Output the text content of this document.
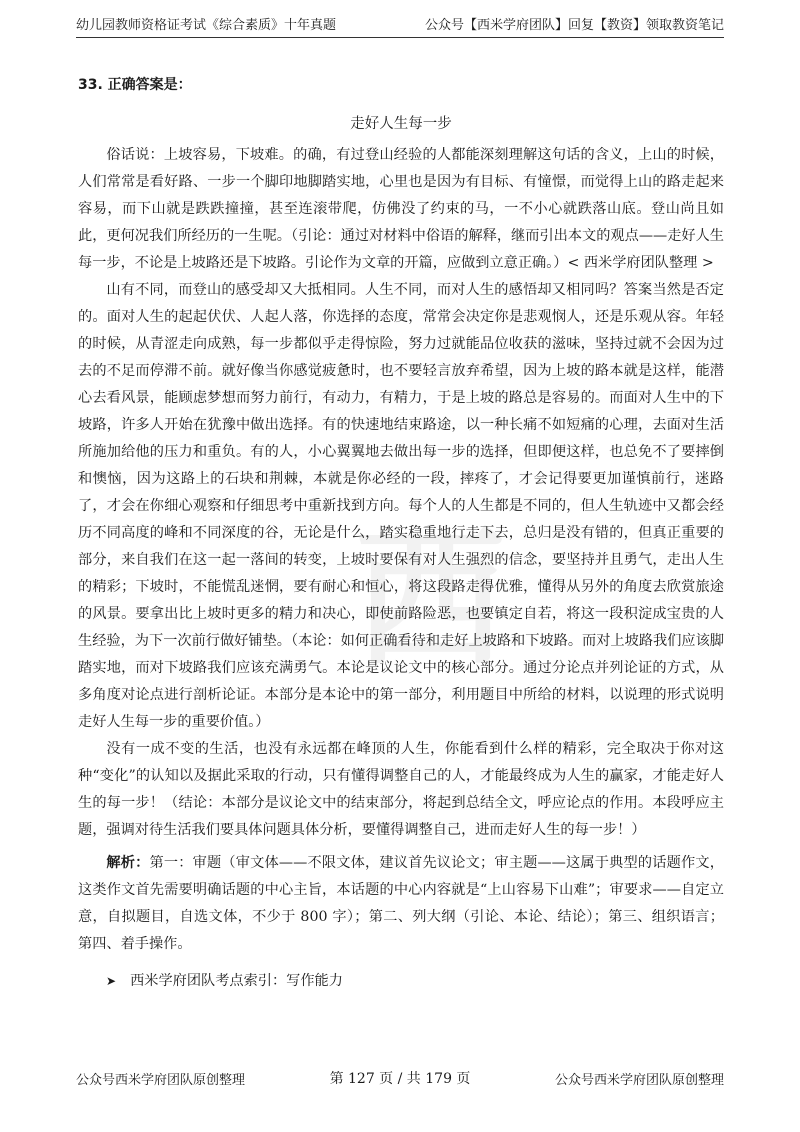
幼儿园教师资格证考试《综合素质》十年真题	公众号【西米学府团队】回复【教资】领取教资笔记
西
33. 正确答案是：
走好人生每一步

俗话说：上坡容易，下坡难。的确，有过登山经验的人都能深刻理解这句话的含义，上山的时候，人们常常是看好路、一步一个脚印地脚踏实地，心里也是因为有目标、有憧憬，而觉得上山的路走起来容易，而下山就是跌跌撞撞，甚至连滚带爬，仿佛没了约束的马，一不小心就跌落山底。登山尚且如此，更何况我们所经历的一生呢。（引论：通过对材料中俗语的解释，继而引出本文的观点——走好人生每一步，不论是上坡路还是下坡路。引论作为文章的开篇，应做到立意正确。）< 西米学府团队整理 >

山有不同，而登山的感受却又大抵相同。人生不同，而对人生的感悟却又相同吗？答案当然是否定的。面对人生的起起伏伏、人起人落，你选择的态度，常常会决定你是悲观悯人，还是乐观从容。年轻的时候，从青涩走向成熟，每一步都似乎走得惊险，努力过就能品位收获的滋味，坚持过就不会因为过去的不足而停滞不前。就好像当你感觉疲惫时，也不要轻言放弃希望，因为上坡的路本就是这样，能潜心去看风景，能顾虑梦想而努力前行，有动力，有精力，于是上坡的路总是容易的。而面对人生中的下坡路，许多人开始在犹豫中做出选择。有的快速地结束路途，以一种长痛不如短痛的心理，去面对生活所施加给他的压力和重负。有的人，小心翼翼地去做出每一步的选择，但即便这样，也总免不了要摔倒和懊恼，因为这路上的石块和荆棘，本就是你必经的一段，摔疼了，才会记得要更加谨慎前行，迷路了，才会在你细心观察和仔细思考中重新找到方向。每个人的人生都是不同的，但人生轨迹中又都会经历不同高度的峰和不同深度的谷，无论是什么，踏实稳重地行走下去，总归是没有错的，但真正重要的部分，来自我们在这一起一落间的转变，上坡时要保有对人生强烈的信念，要坚持并且勇气，走出人生的精彩；下坡时，不能慌乱迷惘，要有耐心和恒心，将这段路走得优雅，懂得从另外的角度去欣赏旅途的风景。要拿出比上坡时更多的精力和决心，即使前路险恶，也要镇定自若，将这一段积淀成宝贵的人生经验，为下一次前行做好铺垫。（本论：如何正确看待和走好上坡路和下坡路。而对上坡路我们应该脚踏实地，而对下坡路我们应该充满勇气。本论是议论文中的核心部分。通过分论点并列论证的方式，从多角度对论点进行剖析论证。本部分是本论中的第一部分，利用题目中所给的材料，以说理的形式说明走好人生每一步的重要价值。）

没有一成不变的生活，也没有永远都在峰顶的人生，你能看到什么样的精彩，完全取决于你对这种“变化”的认知以及据此采取的行动，只有懂得调整自己的人，才能最终成为人生的赢家，才能走好人生的每一步！（结论：本部分是议论文中的结束部分，将起到总结全文，呼应论点的作用。本段呼应主题，强调对待生活我们要具体问题具体分析，要懂得调整自己，进而走好人生的每一步！）

解析：第一：审题（审文体——不限文体，建议首先议论文；审主题——这属于典型的话题作文，这类作文首先需要明确话题的中心主旨，本话题的中心内容就是“上山容易下山难”；审要求——自定立意，自拟题目，自选文体，不少于 800 字）；第二、列大纲（引论、本论、结论）；第三、组织语言；第四、着手操作。

➤ 西米学府团队考点索引：写作能力

公众号西米学府团队原创整理	第 127 页 / 共 179 页	公众号西米学府团队原创整理
